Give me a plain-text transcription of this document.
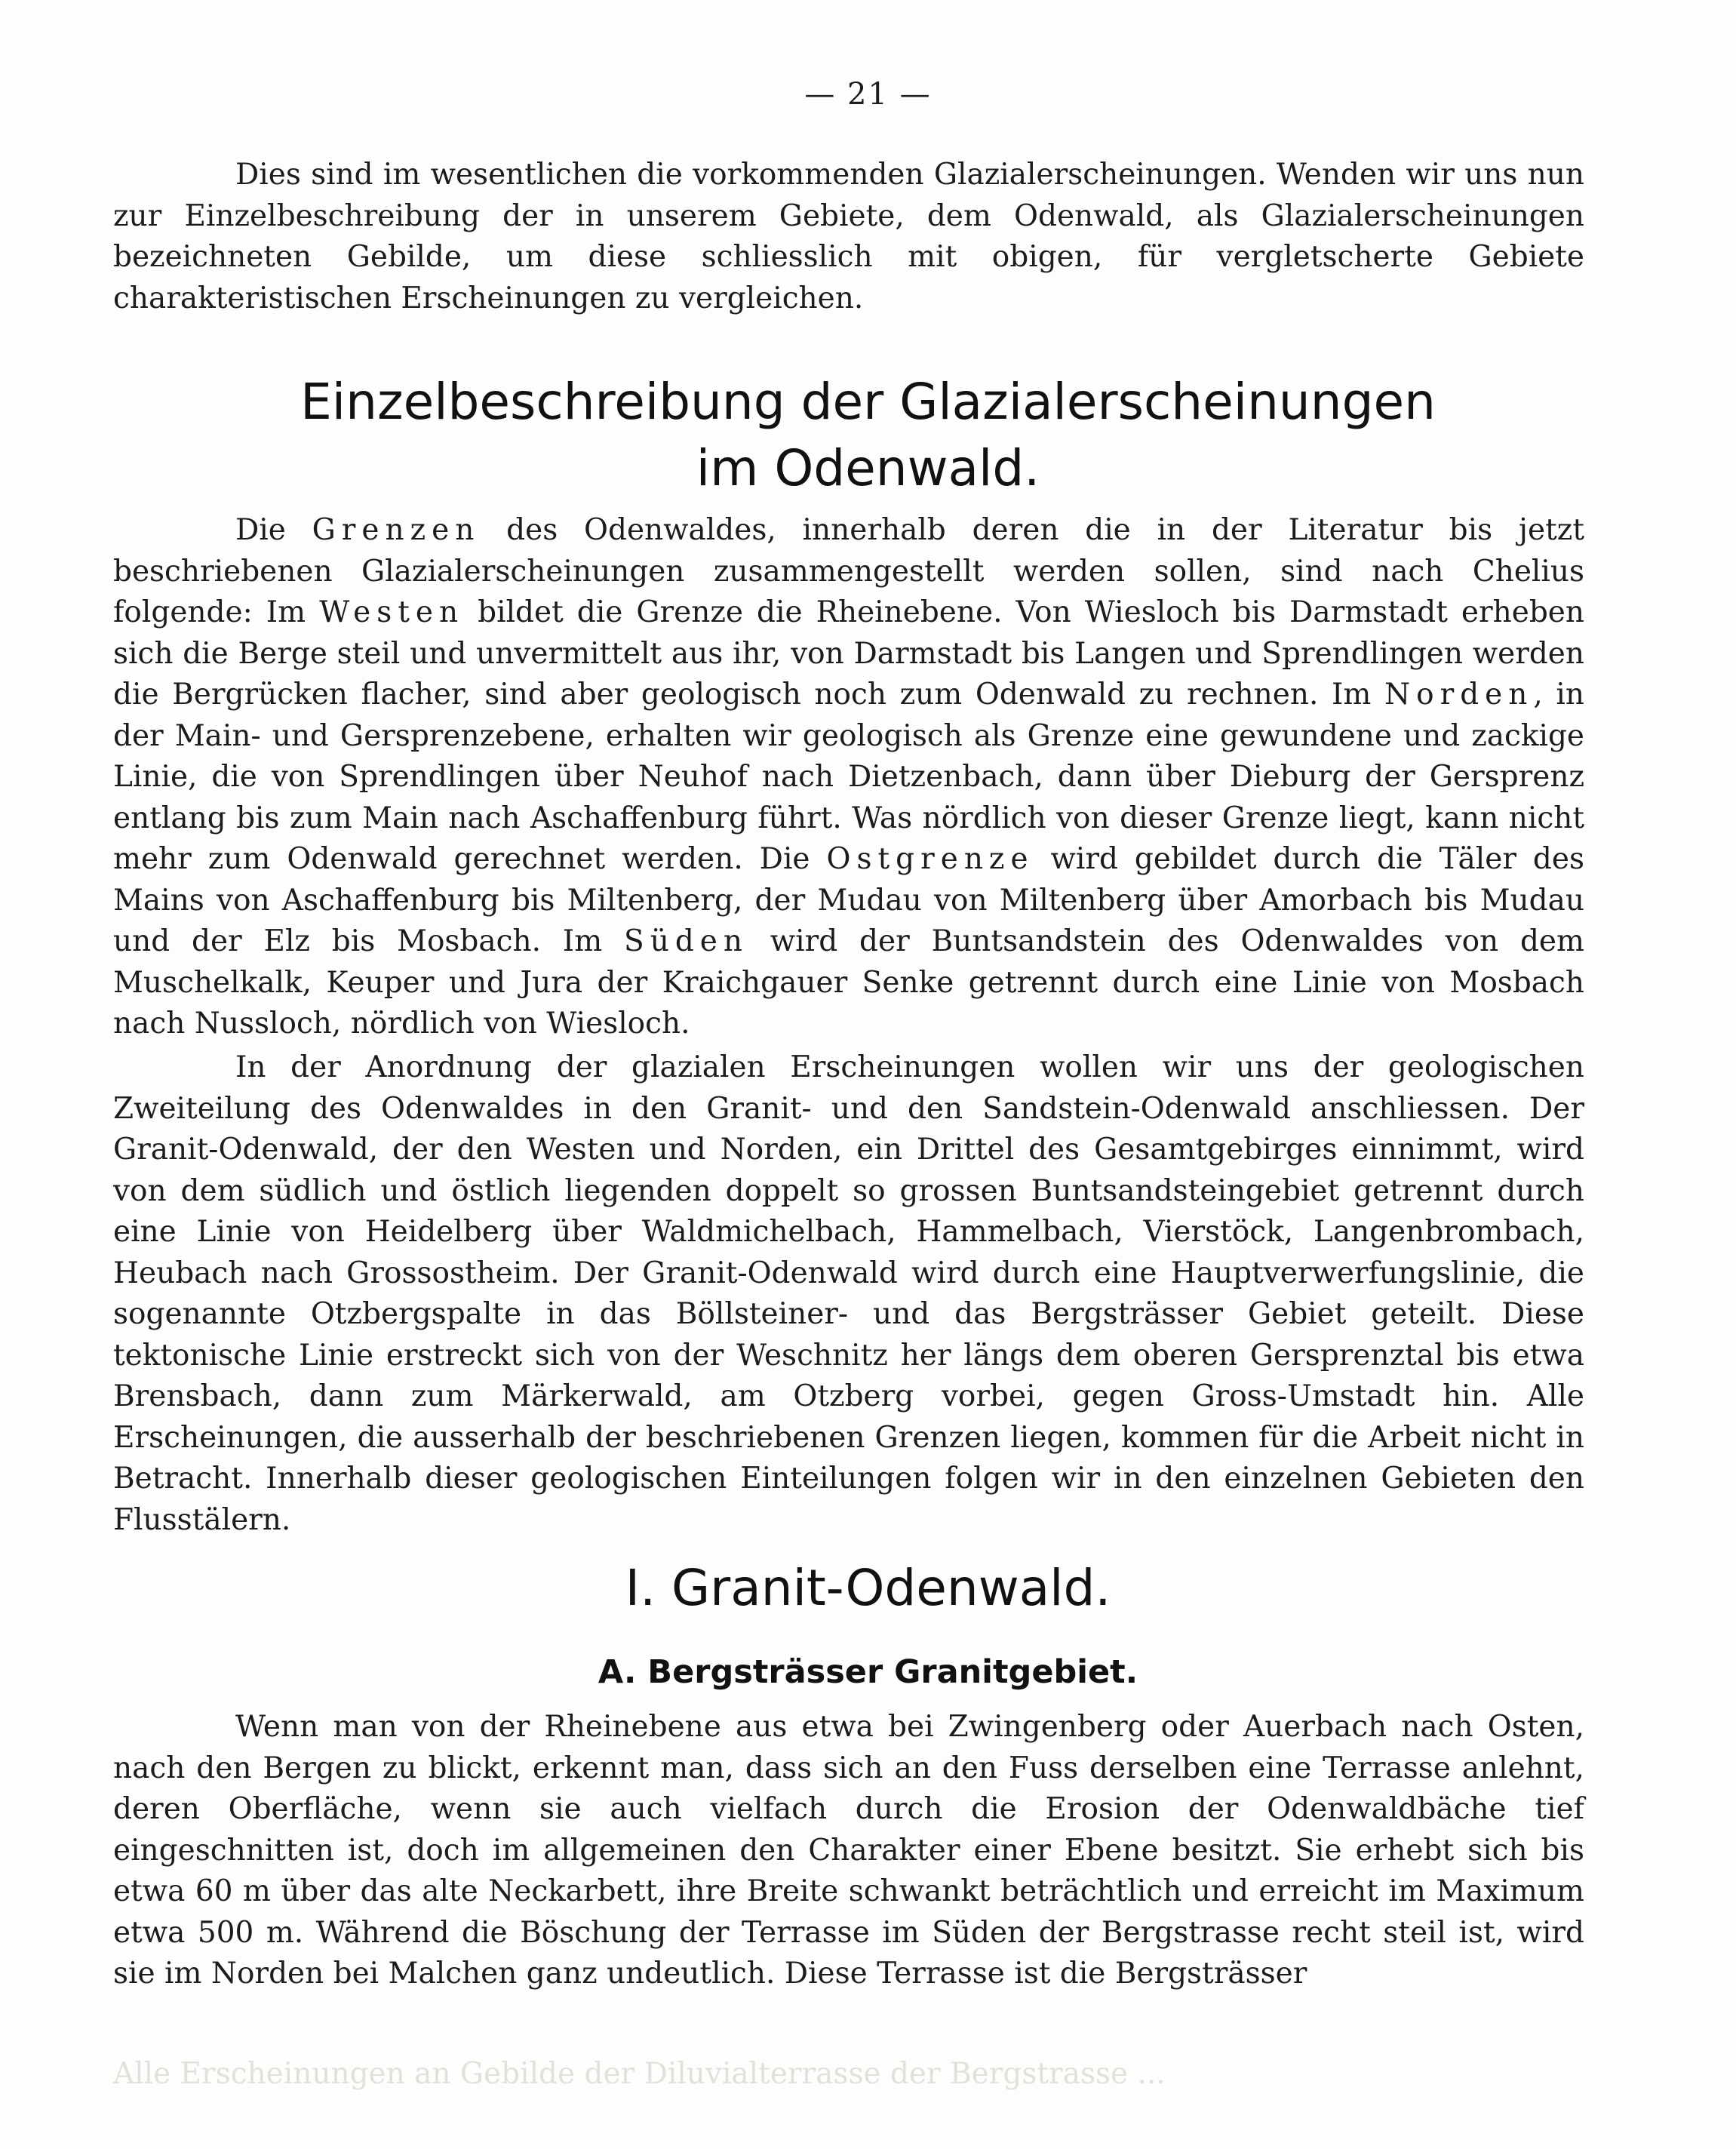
— 21 —

Dies sind im wesentlichen die vorkommenden Glazialerscheinungen. Wenden wir uns nun zur Einzelbeschreibung der in unserem Gebiete, dem Odenwald, als Glazialerscheinungen bezeichneten Gebilde, um diese schliesslich mit obigen, für vergletscherte Gebiete charakteristischen Erscheinungen zu vergleichen.

Einzelbeschreibung der Glazialerscheinungen
im Odenwald.

Die Grenzen des Odenwaldes, innerhalb deren die in der Literatur bis jetzt beschriebenen Glazialerscheinungen zusammengestellt werden sollen, sind nach Chelius folgende: Im Westen bildet die Grenze die Rheinebene. Von Wiesloch bis Darmstadt erheben sich die Berge steil und unvermittelt aus ihr, von Darmstadt bis Langen und Sprendlingen werden die Bergrücken flacher, sind aber geologisch noch zum Odenwald zu rechnen. Im Norden, in der Main- und Gersprenzebene, erhalten wir geologisch als Grenze eine gewundene und zackige Linie, die von Sprendlingen über Neuhof nach Dietzenbach, dann über Dieburg der Gersprenz entlang bis zum Main nach Aschaffenburg führt. Was nördlich von dieser Grenze liegt, kann nicht mehr zum Odenwald gerechnet werden. Die Ostgrenze wird gebildet durch die Täler des Mains von Aschaffenburg bis Miltenberg, der Mudau von Miltenberg über Amorbach bis Mudau und der Elz bis Mosbach. Im Süden wird der Buntsandstein des Odenwaldes von dem Muschelkalk, Keuper und Jura der Kraichgauer Senke getrennt durch eine Linie von Mosbach nach Nussloch, nördlich von Wiesloch.

In der Anordnung der glazialen Erscheinungen wollen wir uns der geologischen Zweiteilung des Odenwaldes in den Granit- und den Sandstein-Odenwald anschliessen. Der Granit-Odenwald, der den Westen und Norden, ein Drittel des Gesamtgebirges einnimmt, wird von dem südlich und östlich liegenden doppelt so grossen Buntsandsteingebiet getrennt durch eine Linie von Heidelberg über Waldmichelbach, Hammelbach, Vierstöck, Langenbrombach, Heubach nach Grossostheim. Der Granit-Odenwald wird durch eine Hauptverwerfungslinie, die sogenannte Otzbergspalte in das Böllsteiner- und das Bergsträsser Gebiet geteilt. Diese tektonische Linie erstreckt sich von der Weschnitz her längs dem oberen Gersprenztal bis etwa Brensbach, dann zum Märkerwald, am Otzberg vorbei, gegen Gross-Umstadt hin. Alle Erscheinungen, die ausserhalb der beschriebenen Grenzen liegen, kommen für die Arbeit nicht in Betracht. Innerhalb dieser geologischen Einteilungen folgen wir in den einzelnen Gebieten den Flusstälern.

I. Granit-Odenwald.
A. Bergsträsser Granitgebiet.

Wenn man von der Rheinebene aus etwa bei Zwingenberg oder Auerbach nach Osten, nach den Bergen zu blickt, erkennt man, dass sich an den Fuss derselben eine Terrasse anlehnt, deren Oberfläche, wenn sie auch vielfach durch die Erosion der Odenwaldbäche tief eingeschnitten ist, doch im allgemeinen den Charakter einer Ebene besitzt. Sie erhebt sich bis etwa 60 m über das alte Neckarbett, ihre Breite schwankt beträchtlich und erreicht im Maximum etwa 500 m. Während die Böschung der Terrasse im Süden der Bergstrasse recht steil ist, wird sie im Norden bei Malchen ganz undeutlich. Diese Terrasse ist die Bergsträsser

Alle Erscheinungen an Gebilde der Diluvialterrasse der Bergstrasse ...
